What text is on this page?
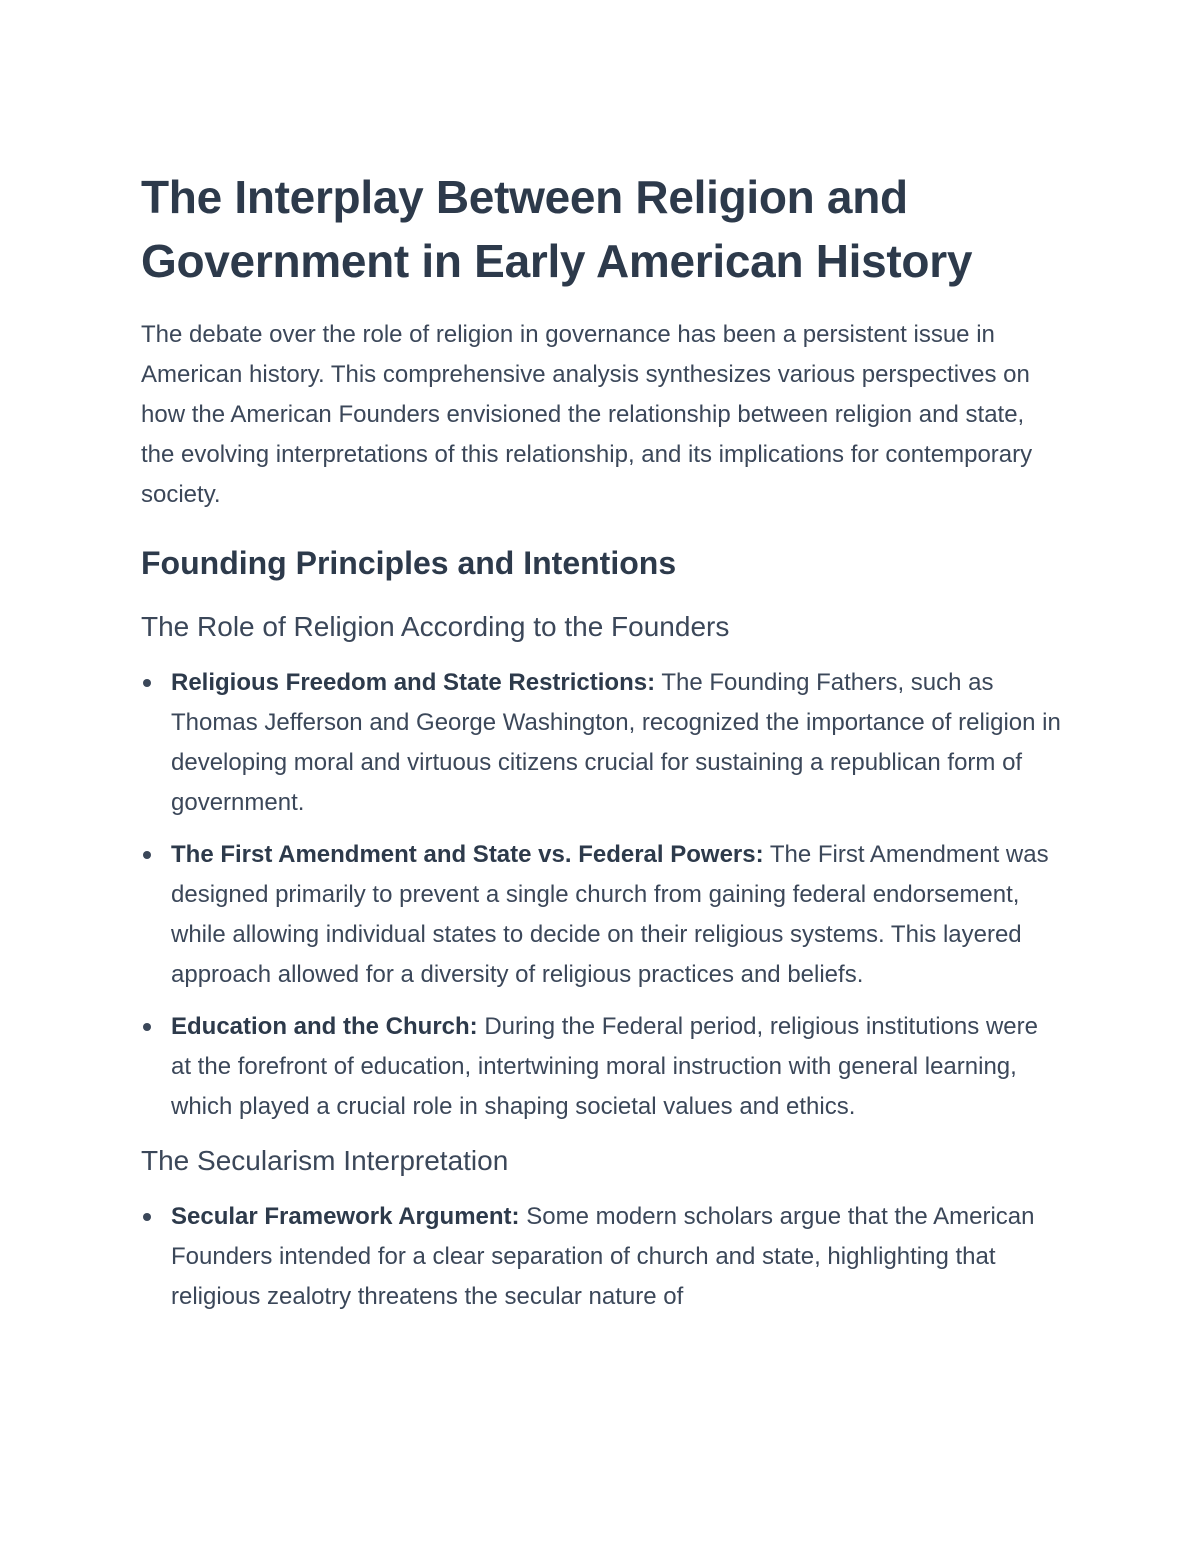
The Interplay Between Religion and Government in Early American History

The debate over the role of religion in governance has been a persistent issue in American history. This comprehensive analysis synthesizes various perspectives on how the American Founders envisioned the relationship between religion and state, the evolving interpretations of this relationship, and its implications for contemporary society.

Founding Principles and Intentions
The Role of Religion According to the Founders
Religious Freedom and State Restrictions: The Founding Fathers, such as Thomas Jefferson and George Washington, recognized the importance of religion in developing moral and virtuous citizens crucial for sustaining a republican form of government.
The First Amendment and State vs. Federal Powers: The First Amendment was designed primarily to prevent a single church from gaining federal endorsement, while allowing individual states to decide on their religious systems. This layered approach allowed for a diversity of religious practices and beliefs.
Education and the Church: During the Federal period, religious institutions were at the forefront of education, intertwining moral instruction with general learning, which played a crucial role in shaping societal values and ethics.
The Secularism Interpretation
Secular Framework Argument: Some modern scholars argue that the American Founders intended for a clear separation of church and state, highlighting that religious zealotry threatens the secular nature of
